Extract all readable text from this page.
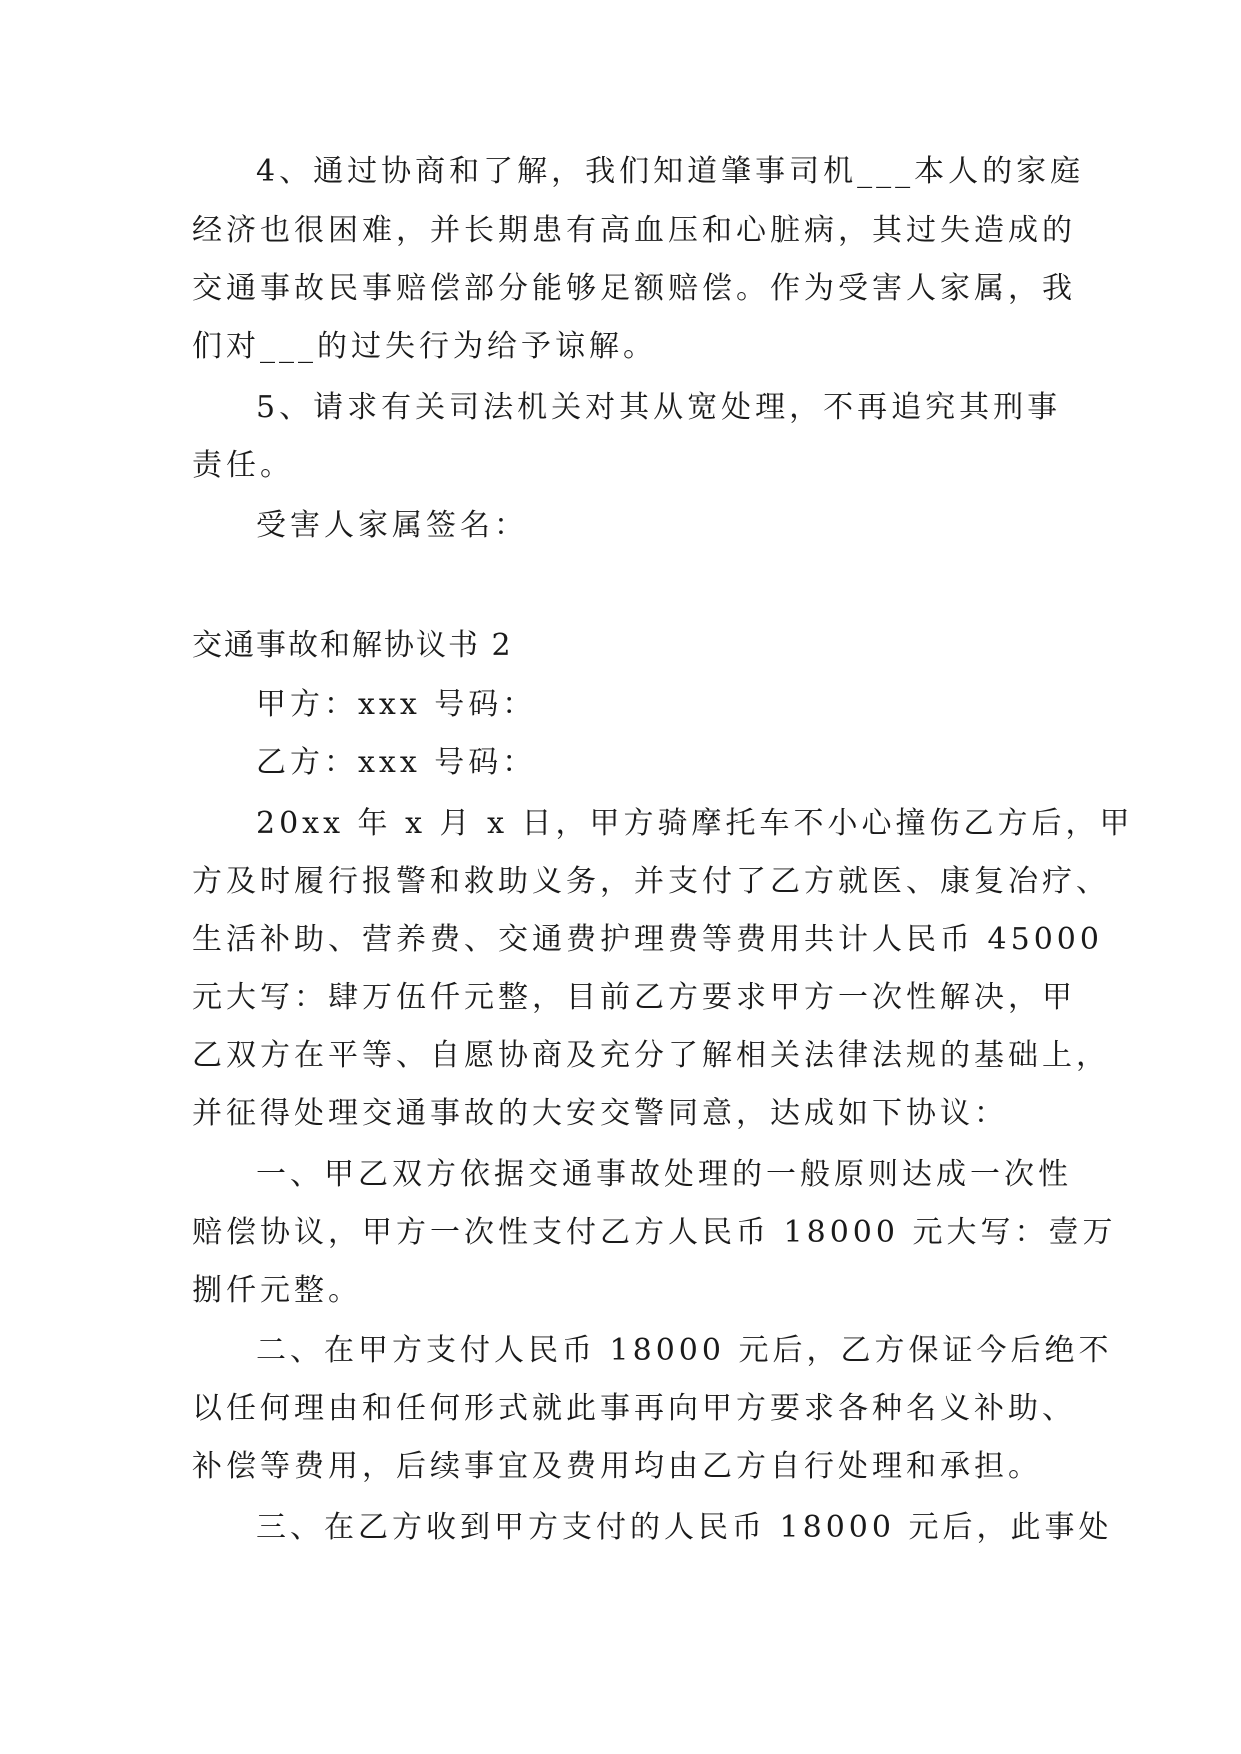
4、通过协商和了解，我们知道肇事司机___本人的家庭
经济也很困难，并长期患有高血压和心脏病，其过失造成的
交通事故民事赔偿部分能够足额赔偿。作为受害人家属，我
们对___的过失行为给予谅解。
5、请求有关司法机关对其从宽处理，不再追究其刑事
责任。
受害人家属签名：
交通事故和解协议书 2
甲方：xxx 号码：
乙方：xxx 号码：
20xx 年 x 月 x 日，甲方骑摩托车不小心撞伤乙方后，甲
方及时履行报警和救助义务，并支付了乙方就医、康复冶疗、
生活补助、营养费、交通费护理费等费用共计人民币 45000
元大写：肆万伍仟元整，目前乙方要求甲方一次性解决，甲
乙双方在平等、自愿协商及充分了解相关法律法规的基础上，
并征得处理交通事故的大安交警同意，达成如下协议：
一、甲乙双方依据交通事故处理的一般原则达成一次性
赔偿协议，甲方一次性支付乙方人民币 18000 元大写：壹万
捌仟元整。
二、在甲方支付人民币 18000 元后，乙方保证今后绝不
以任何理由和任何形式就此事再向甲方要求各种名义补助、
补偿等费用，后续事宜及费用均由乙方自行处理和承担。
三、在乙方收到甲方支付的人民币 18000 元后，此事处
